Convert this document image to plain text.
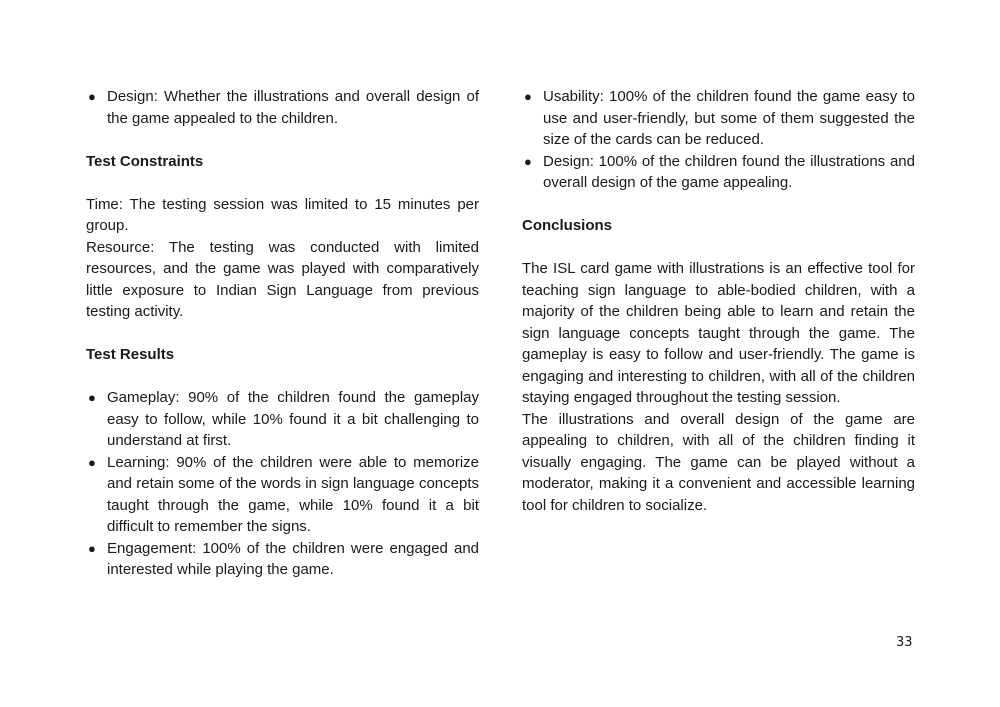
● Design: Whether the illustrations and overall design of the game appealed to the children.

Test Constraints

Time: The testing session was limited to 15 minutes per group.

Resource: The testing was conducted with limited resources, and the game was played with comparatively little exposure to Indian Sign Language from previous testing activity.

Test Results

● Gameplay: 90% of the children found the gameplay easy to follow, while 10% found it a bit challenging to understand at first.
● Learning: 90% of the children were able to memorize and retain some of the words in sign language concepts taught through the game, while 10% found it a bit difficult to remember the signs.
● Engagement: 100% of the children were engaged and interested while playing the game.
● Usability: 100% of the children found the game easy to use and user-friendly, but some of them suggested the size of the cards can be reduced.
● Design: 100% of the children found the illustrations and overall design of the game appealing.

Conclusions

The ISL card game with illustrations is an effective tool for teaching sign language to able-bodied children, with a majority of the children being able to learn and retain the sign language concepts taught through the game. The gameplay is easy to follow and user-friendly. The game is engaging and interesting to children, with all of the children staying engaged throughout the testing session.

The illustrations and overall design of the game are appealing to children, with all of the children finding it visually engaging. The game can be played without a moderator, making it a convenient and accessible learning tool for children to socialize.

33
